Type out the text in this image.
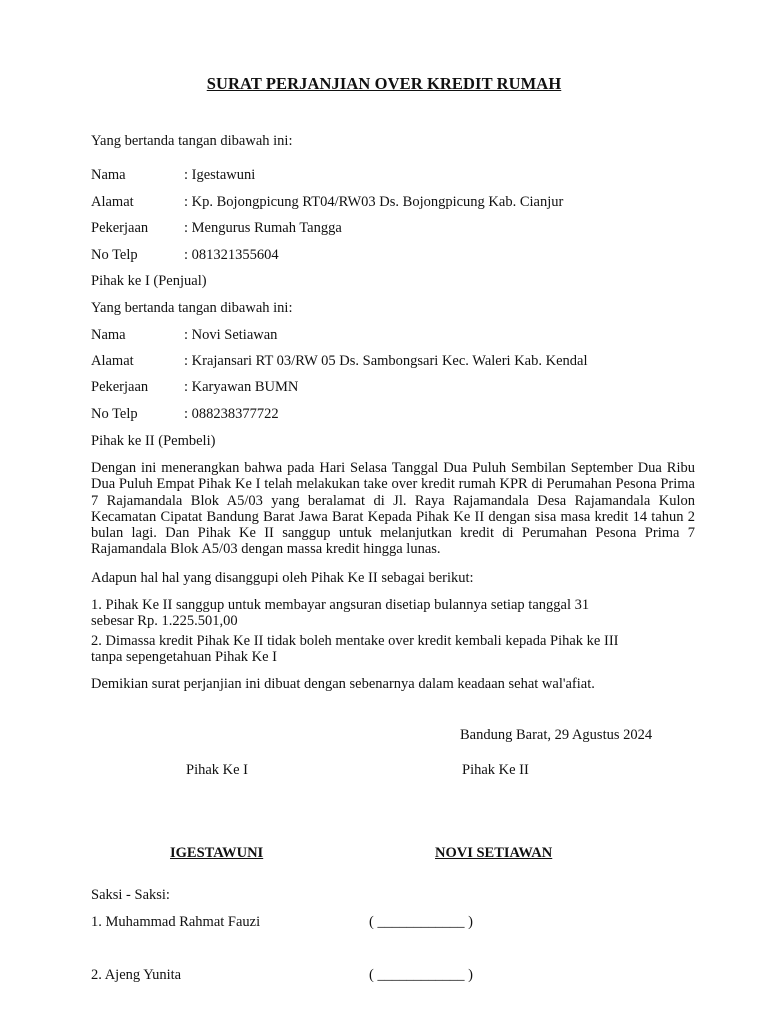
SURAT PERJANJIAN OVER KREDIT RUMAH
Yang bertanda tangan dibawah ini:
Nama	: Igestawuni
Alamat	: Kp. Bojongpicung RT04/RW03 Ds. Bojongpicung Kab. Cianjur
Pekerjaan : Mengurus Rumah Tangga
No Telp	: 081321355604
Pihak ke I (Penjual)
Yang bertanda tangan dibawah ini:
Nama	: Novi Setiawan
Alamat	: Krajansari RT 03/RW 05 Ds. Sambongsari Kec. Waleri Kab. Kendal
Pekerjaan : Karyawan BUMN
No Telp	: 088238377722
Pihak ke II (Pembeli)
Dengan ini menerangkan bahwa pada Hari Selasa Tanggal Dua Puluh Sembilan September Dua Ribu Dua Puluh Empat Pihak Ke I telah melakukan take over kredit rumah KPR di Perumahan Pesona Prima 7 Rajamandala Blok A5/03 yang beralamat di Jl. Raya Rajamandala Desa Rajamandala Kulon Kecamatan Cipatat Bandung Barat Jawa Barat Kepada Pihak Ke II dengan sisa masa kredit 14 tahun 2 bulan lagi. Dan Pihak Ke II sanggup untuk melanjutkan kredit di Perumahan Pesona Prima 7 Rajamandala Blok A5/03 dengan massa kredit hingga lunas.
Adapun hal hal yang disanggupi oleh Pihak Ke II sebagai berikut:
1. Pihak Ke II sanggup untuk membayar angsuran disetiap bulannya setiap tanggal 31
sebesar Rp. 1.225.501,00
2. Dimassa kredit Pihak Ke II tidak boleh mentake over kredit kembali kepada Pihak ke III
tanpa sepengetahuan Pihak Ke I
Demikian surat perjanjian ini dibuat dengan sebenarnya dalam keadaan sehat wal'afiat.
Bandung Barat, 29 Agustus 2024
Pihak Ke I	Pihak Ke II
IGESTAWUNI	NOVI SETIAWAN
Saksi - Saksi:
1. Muhammad Rahmat Fauzi	( ____________ )
2. Ajeng Yunita	( ____________ )
